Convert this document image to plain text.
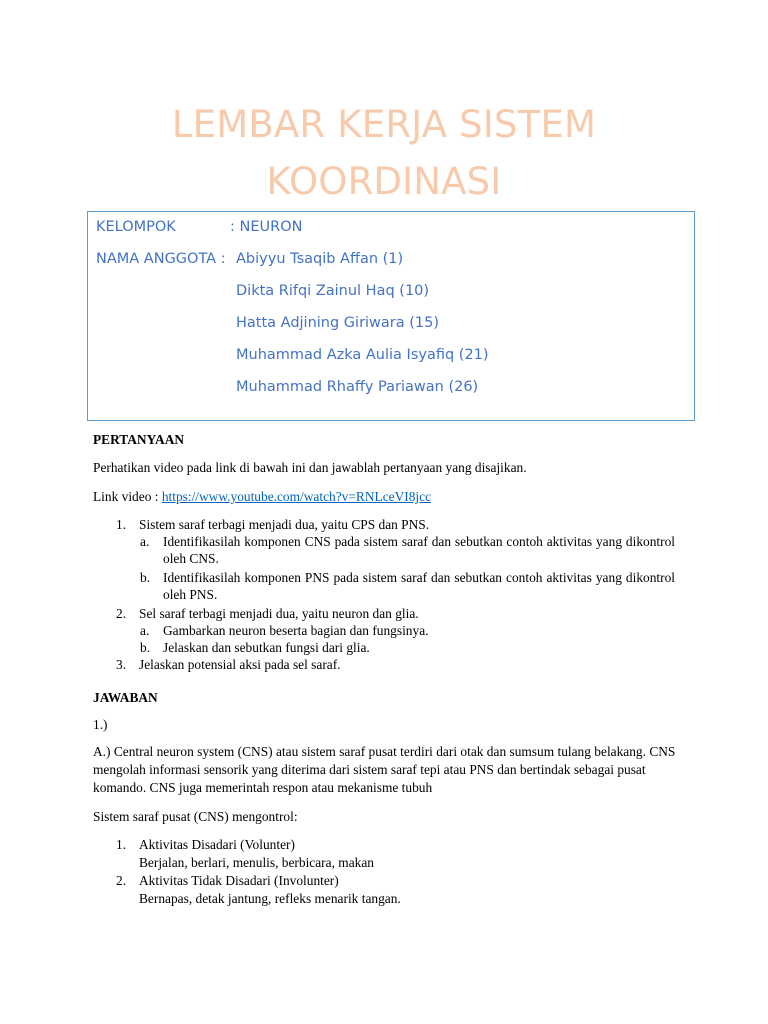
LEMBAR KERJA SISTEM
KOORDINASI
KELOMPOK	: NEURON
NAMA ANGGOTA : Abiyyu Tsaqib Affan (1)
Dikta Rifqi Zainul Haq (10)
Hatta Adjining Giriwara (15)
Muhammad Azka Aulia Isyafiq (21)
Muhammad Rhaffy Pariawan (26)
PERTANYAAN
Perhatikan video pada link di bawah ini dan jawablah pertanyaan yang disajikan.
Link video : https://www.youtube.com/watch?v=RNLceVI8jcc
1. Sistem saraf terbagi menjadi dua, yaitu CPS dan PNS.
a. Identifikasilah komponen CNS pada sistem saraf dan sebutkan contoh aktivitas yang dikontrol oleh CNS.
b. Identifikasilah komponen PNS pada sistem saraf dan sebutkan contoh aktivitas yang dikontrol oleh PNS.
2. Sel saraf terbagi menjadi dua, yaitu neuron dan glia.
a. Gambarkan neuron beserta bagian dan fungsinya.
b. Jelaskan dan sebutkan fungsi dari glia.
3. Jelaskan potensial aksi pada sel saraf.
JAWABAN
1.)
A.) Central neuron system (CNS) atau sistem saraf pusat terdiri dari otak dan sumsum tulang belakang. CNS mengolah informasi sensorik yang diterima dari sistem saraf tepi atau PNS dan bertindak sebagai pusat komando. CNS juga memerintah respon atau mekanisme tubuh
Sistem saraf pusat (CNS) mengontrol:
1. Aktivitas Disadari (Volunter)
Berjalan, berlari, menulis, berbicara, makan
2. Aktivitas Tidak Disadari (Involunter)
Bernapas, detak jantung, refleks menarik tangan.
